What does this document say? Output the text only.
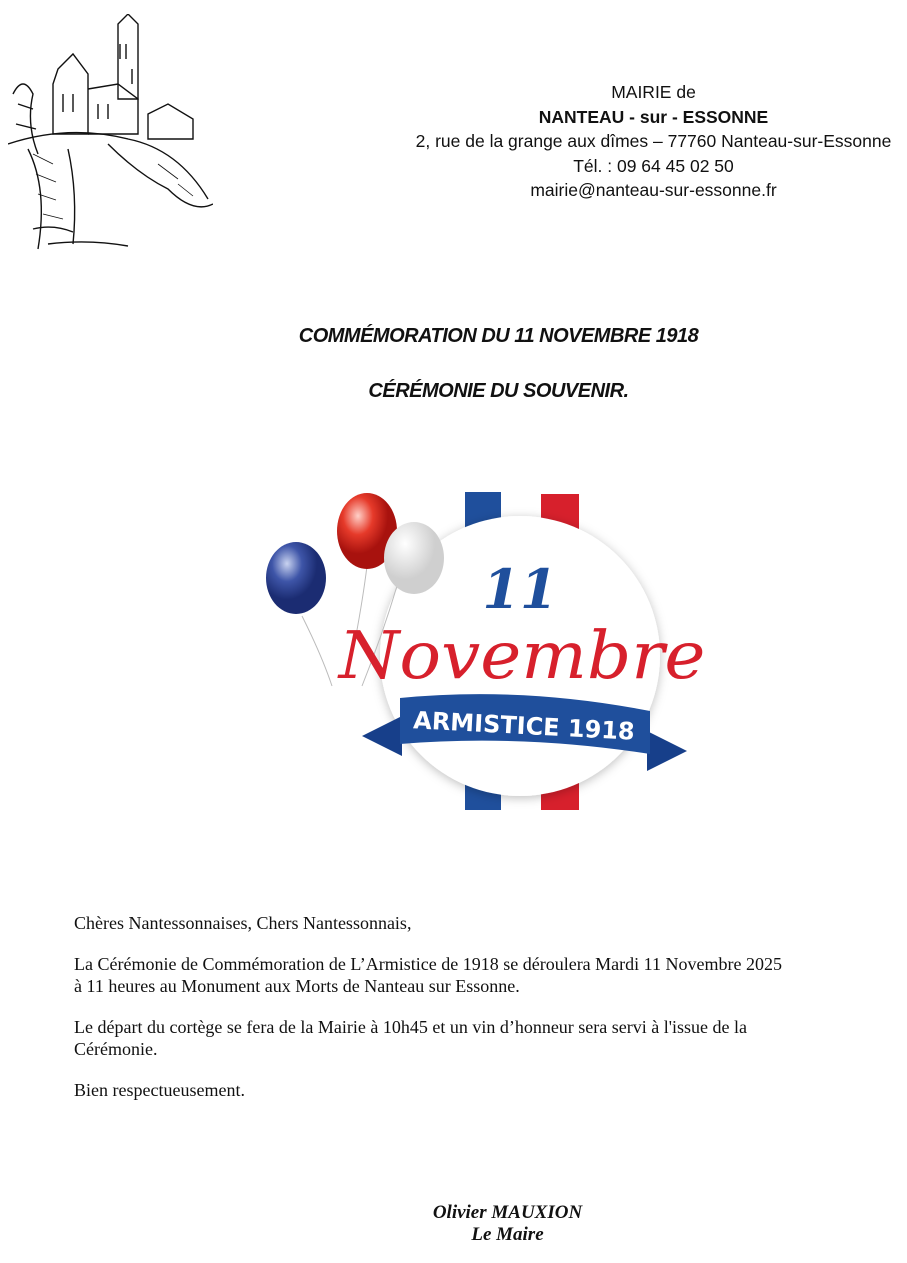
MAIRIE de
NANTEAU - sur - ESSONNE
2, rue de la grange aux dîmes – 77760 Nanteau-sur-Essonne
Tél. : 09 64 45 02 50
mairie@nanteau-sur-essonne.fr
COMMÉMORATION DU 11 NOVEMBRE 1918
CÉRÉMONIE DU SOUVENIR.
11
Novembre
ARMISTICE 1918

Chères Nantessonnaises, Chers Nantessonnais,

La Cérémonie de Commémoration de L’Armistice de 1918 se déroulera Mardi 11 Novembre 2025
à 11 heures au Monument aux Morts de Nanteau sur Essonne.

Le départ du cortège se fera de la Mairie à 10h45 et un vin d’honneur sera servi à l'issue de la
Cérémonie.

Bien respectueusement.

Olivier MAUXION
Le Maire
